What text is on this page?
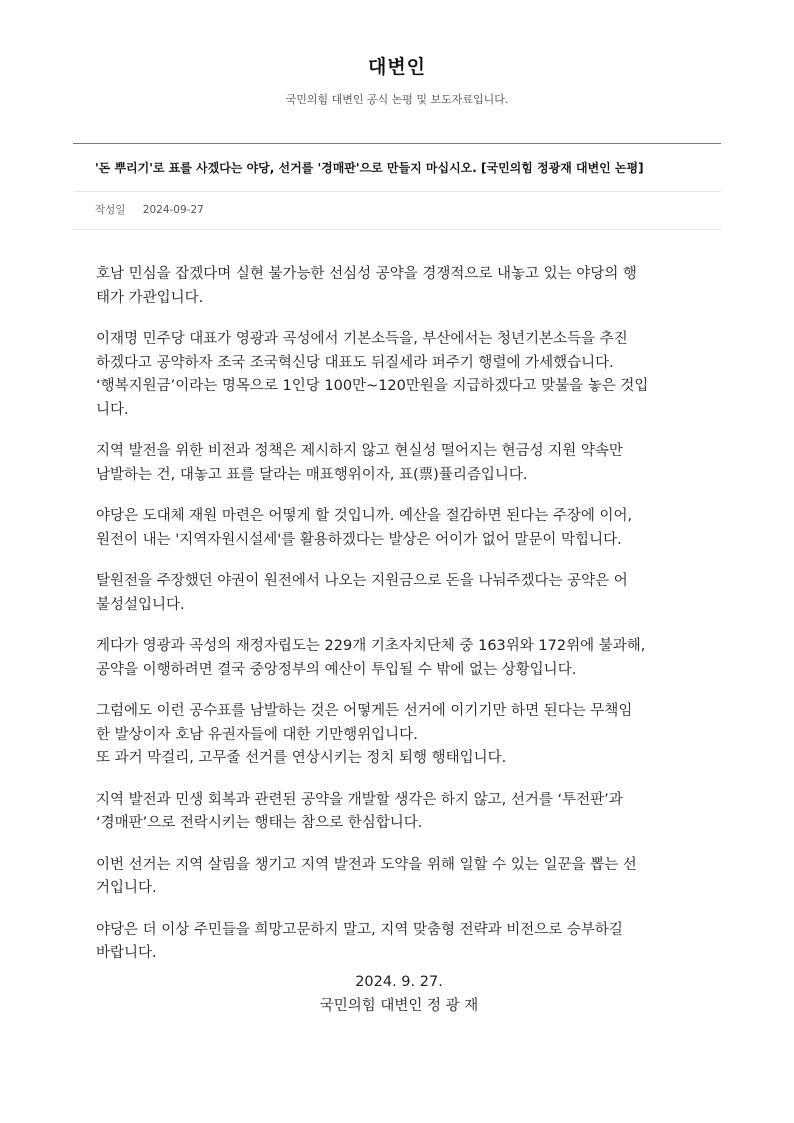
대변인
국민의힘 대변인 공식 논평 및 보도자료입니다.
'돈 뿌리기'로 표를 사겠다는 야당, 선거를 '경매판'으로 만들지 마십시오. [국민의힘 정광재 대변인 논평]
작성일 2024-09-27

호남 민심을 잡겠다며 실현 불가능한 선심성 공약을 경쟁적으로 내놓고 있는 야당의 행
태가 가관입니다.

이재명 민주당 대표가 영광과 곡성에서 기본소득을, 부산에서는 청년기본소득을 추진
하겠다고 공약하자 조국 조국혁신당 대표도 뒤질세라 퍼주기 행렬에 가세했습니다.
‘행복지원금’이라는 명목으로 1인당 100만~120만원을 지급하겠다고 맞불을 놓은 것입
니다.

지역 발전을 위한 비전과 정책은 제시하지 않고 현실성 떨어지는 현금성 지원 약속만
남발하는 건, 대놓고 표를 달라는 매표행위이자, 표(票)퓰리즘입니다.

야당은 도대체 재원 마련은 어떻게 할 것입니까. 예산을 절감하면 된다는 주장에 이어,
원전이 내는 '지역자원시설세'를 활용하겠다는 발상은 어이가 없어 말문이 막힙니다.

탈원전을 주장했던 야권이 원전에서 나오는 지원금으로 돈을 나눠주겠다는 공약은 어
불성설입니다.

게다가 영광과 곡성의 재정자립도는 229개 기초자치단체 중 163위와 172위에 불과해,
공약을 이행하려면 결국 중앙정부의 예산이 투입될 수 밖에 없는 상황입니다.

그럼에도 이런 공수표를 남발하는 것은 어떻게든 선거에 이기기만 하면 된다는 무책임
한 발상이자 호남 유권자들에 대한 기만행위입니다.
또 과거 막걸리, 고무줄 선거를 연상시키는 정치 퇴행 행태입니다.

지역 발전과 민생 회복과 관련된 공약을 개발할 생각은 하지 않고, 선거를 ‘투전판’과
‘경매판’으로 전락시키는 행태는 참으로 한심합니다.

이번 선거는 지역 살림을 챙기고 지역 발전과 도약을 위해 일할 수 있는 일꾼을 뽑는 선
거입니다.

야당은 더 이상 주민들을 희망고문하지 말고, 지역 맞춤형 전략과 비전으로 승부하길
바랍니다.

2024. 9. 27.
국민의힘 대변인 정 광 재
